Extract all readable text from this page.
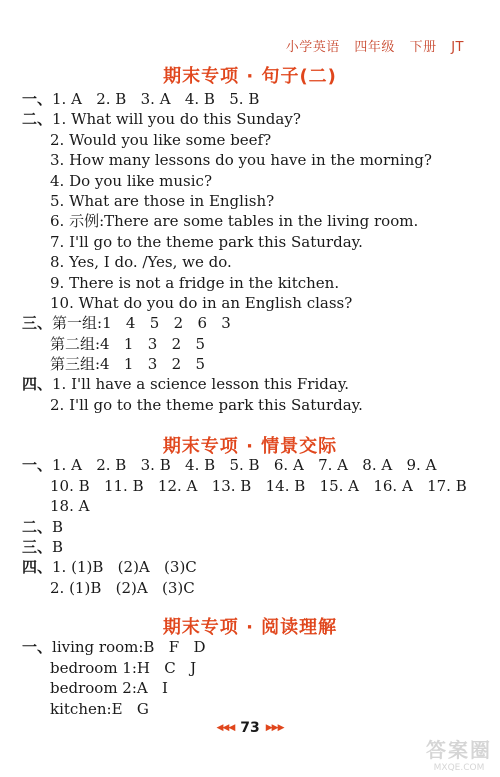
小学英语 四年级 下册 JT
期末专项 · 句子(二)
一、1. A   2. B   3. A   4. B   5. B
二、1. What will you do this Sunday?
2. Would you like some beef?
3. How many lessons do you have in the morning?
4. Do you like music?
5. What are those in English?
6. 示例:There are some tables in the living room.
7. I'll go to the theme park this Saturday.
8. Yes, I do. /Yes, we do.
9. There is not a fridge in the kitchen.
10. What do you do in an English class?
三、第一组:1   4   5   2   6   3
第二组:4   1   3   2   5
第三组:4   1   3   2   5
四、1. I'll have a science lesson this Friday.
2. I'll go to the theme park this Saturday.
期末专项 · 情景交际
一、1. A   2. B   3. B   4. B   5. B   6. A   7. A   8. A   9. A
10. B   11. B   12. A   13. B   14. B   15. A   16. A   17. B
18. A
二、B
三、B
四、1. (1)B   (2)A   (3)C
2. (1)B   (2)A   (3)C
期末专项 · 阅读理解
一、living room:B   F   D
bedroom 1:H   C   J
bedroom 2:A   I
kitchen:E   G
◀◀◀ 73 ▶▶▶
答案圈
MXQE.COM
